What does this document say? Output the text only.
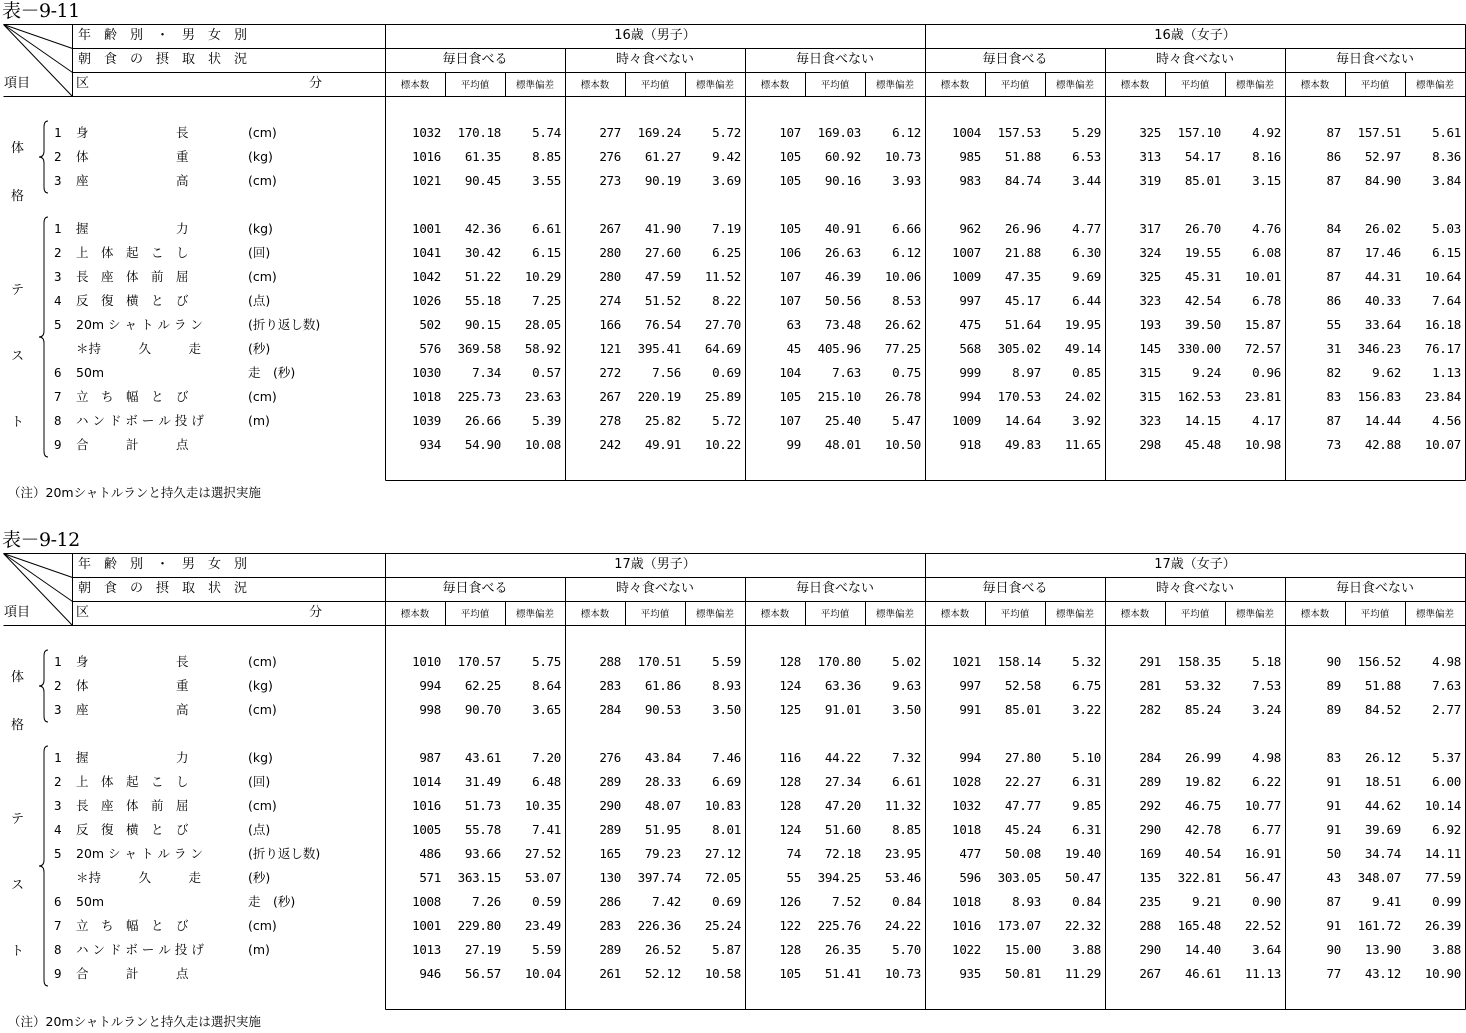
表－9-11
年　齢　別　・　男　女　別
朝　食　の　摂　取　状　況
区	分
項目
16歳（男子）	16歳（女子）
毎日食べる
標本数	平均値	標準偏差
時々食べない
標本数	平均値	標準偏差
毎日食べない
標本数	平均値	標準偏差
毎日食べる
標本数	平均値	標準偏差
時々食べない
標本数	平均値	標準偏差
毎日食べない
標本数	平均値	標準偏差
体　格
テ　ス　ト
1 身　　　　　　　長	(cm)	1032	170.18	5.74	277	169.24	5.72	107	169.03	6.12	1004	157.53	5.29	325	157.10	4.92	87	157.51	5.61
2 体　　　　　　　重	(kg)	1016	61.35	8.85	276	61.27	9.42	105	60.92	10.73	985	51.88	6.53	313	54.17	8.16	86	52.97	8.36
3 座　　　　　　　高	(cm)	1021	90.45	3.55	273	90.19	3.69	105	90.16	3.93	983	84.74	3.44	319	85.01	3.15	87	84.90	3.84
1 握　　　　　　　力	(kg)	1001	42.36	6.61	267	41.90	7.19	105	40.91	6.66	962	26.96	4.77	317	26.70	4.76	84	26.02	5.03
2 上　体　起　こ　し	(回)	1041	30.42	6.15	280	27.60	6.25	106	26.63	6.12	1007	21.88	6.30	324	19.55	6.08	87	17.46	6.15
3 長　座　体　前　屈	(cm)	1042	51.22	10.29	280	47.59	11.52	107	46.39	10.06	1009	47.35	9.69	325	45.31	10.01	87	44.31	10.64
4 反　復　横　と　び	(点)	1026	55.18	7.25	274	51.52	8.22	107	50.56	8.53	997	45.17	6.44	323	42.54	6.78	86	40.33	7.64
5 20m シ ャ ト ル ラ ン	(折り返し数)	502	90.15	28.05	166	76.54	27.70	63	73.48	26.62	475	51.64	19.95	193	39.50	15.87	55	33.64	16.18
＊持　　　久　　　走	(秒)	576	369.58	58.92	121	395.41	64.69	45	405.96	77.25	568	305.02	49.14	145	330.00	72.57	31	346.23	76.17
6 50m	走　(秒)	1030	7.34	0.57	272	7.56	0.69	104	7.63	0.75	999	8.97	0.85	315	9.24	0.96	82	9.62	1.13
7 立　ち　幅　と　び	(cm)	1018	225.73	23.63	267	220.19	25.89	105	215.10	26.78	994	170.53	24.02	315	162.53	23.81	83	156.83	23.84
8 ハ ン ド ボ ー ル 投 げ	(m)	1039	26.66	5.39	278	25.82	5.72	107	25.40	5.47	1009	14.64	3.92	323	14.15	4.17	87	14.44	4.56
9 合　　　計　　　点	934	54.90	10.08	242	49.91	10.22	99	48.01	10.50	918	49.83	11.65	298	45.48	10.98	73	42.88	10.07
（注）20mシャトルランと持久走は選択実施
表－9-12
年　齢　別　・　男　女　別
朝　食　の　摂　取　状　況
区	分
項目
17歳（男子）	17歳（女子）
毎日食べる
標本数	平均値	標準偏差
時々食べない
標本数	平均値	標準偏差
毎日食べない
標本数	平均値	標準偏差
毎日食べる
標本数	平均値	標準偏差
時々食べない
標本数	平均値	標準偏差
毎日食べない
標本数	平均値	標準偏差
体　格
テ　ス　ト
1 身　　　　　　　長	(cm)	1010	170.57	5.75	288	170.51	5.59	128	170.80	5.02	1021	158.14	5.32	291	158.35	5.18	90	156.52	4.98
2 体　　　　　　　重	(kg)	994	62.25	8.64	283	61.86	8.93	124	63.36	9.63	997	52.58	6.75	281	53.32	7.53	89	51.88	7.63
3 座　　　　　　　高	(cm)	998	90.70	3.65	284	90.53	3.50	125	91.01	3.50	991	85.01	3.22	282	85.24	3.24	89	84.52	2.77
1 握　　　　　　　力	(kg)	987	43.61	7.20	276	43.84	7.46	116	44.22	7.32	994	27.80	5.10	284	26.99	4.98	83	26.12	5.37
2 上　体　起　こ　し	(回)	1014	31.49	6.48	289	28.33	6.69	128	27.34	6.61	1028	22.27	6.31	289	19.82	6.22	91	18.51	6.00
3 長　座　体　前　屈	(cm)	1016	51.73	10.35	290	48.07	10.83	128	47.20	11.32	1032	47.77	9.85	292	46.75	10.77	91	44.62	10.14
4 反　復　横　と　び	(点)	1005	55.78	7.41	289	51.95	8.01	124	51.60	8.85	1018	45.24	6.31	290	42.78	6.77	91	39.69	6.92
5 20m シ ャ ト ル ラ ン	(折り返し数)	486	93.66	27.52	165	79.23	27.12	74	72.18	23.95	477	50.08	19.40	169	40.54	16.91	50	34.74	14.11
＊持　　　久　　　走	(秒)	571	363.15	53.07	130	397.74	72.05	55	394.25	53.46	596	303.05	50.47	135	322.81	56.47	43	348.07	77.59
6 50m	走　(秒)	1008	7.26	0.59	286	7.42	0.69	126	7.52	0.84	1018	8.93	0.84	235	9.21	0.90	87	9.41	0.99
7 立　ち　幅　と　び	(cm)	1001	229.80	23.49	283	226.36	25.24	122	225.76	24.22	1016	173.07	22.32	288	165.48	22.52	91	161.72	26.39
8 ハ ン ド ボ ー ル 投 げ	(m)	1013	27.19	5.59	289	26.52	5.87	128	26.35	5.70	1022	15.00	3.88	290	14.40	3.64	90	13.90	3.88
9 合　　　計　　　点	946	56.57	10.04	261	52.12	10.58	105	51.41	10.73	935	50.81	11.29	267	46.61	11.13	77	43.12	10.90
（注）20mシャトルランと持久走は選択実施
